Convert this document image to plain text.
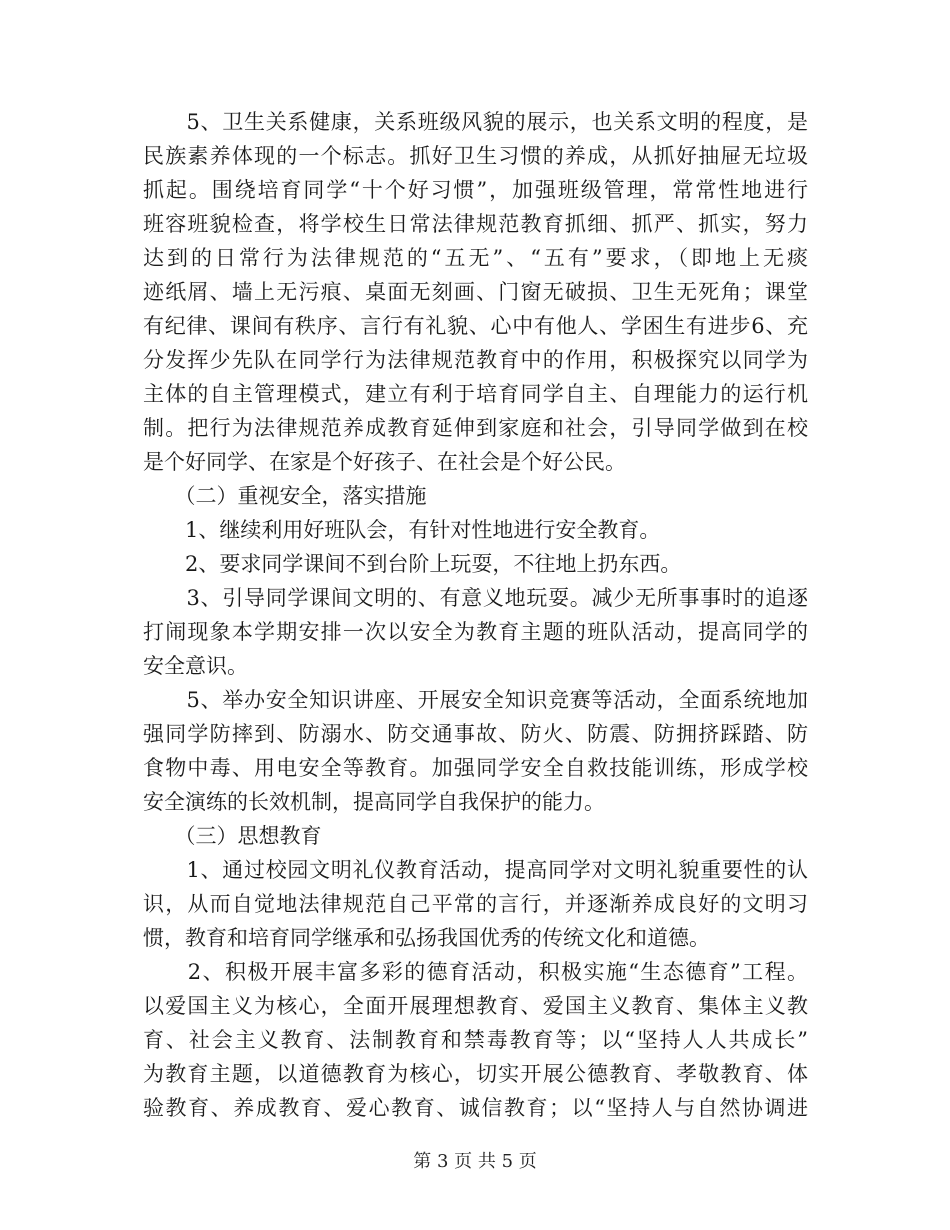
　　5、卫生关系健康，关系班级风貌的展示，也关系文明的程度，是
民族素养体现的一个标志。抓好卫生习惯的养成，从抓好抽屉无垃圾
抓起。围绕培育同学“十个好习惯”，加强班级管理，常常性地进行
班容班貌检查，将学校生日常法律规范教育抓细、抓严、抓实，努力
达到的日常行为法律规范的“五无”、“五有”要求，（即地上无痰
迹纸屑、墙上无污痕、桌面无刻画、门窗无破损、卫生无死角；课堂
有纪律、课间有秩序、言行有礼貌、心中有他人、学困生有进步6、充
分发挥少先队在同学行为法律规范教育中的作用，积极探究以同学为
主体的自主管理模式，建立有利于培育同学自主、自理能力的运行机
制。把行为法律规范养成教育延伸到家庭和社会，引导同学做到在校
是个好同学、在家是个好孩子、在社会是个好公民。
　　（二）重视安全，落实措施
　　1、继续利用好班队会，有针对性地进行安全教育。
　　2、要求同学课间不到台阶上玩耍，不往地上扔东西。
　　3、引导同学课间文明的、有意义地玩耍。减少无所事事时的追逐
打闹现象本学期安排一次以安全为教育主题的班队活动，提高同学的
安全意识。
　　5、举办安全知识讲座、开展安全知识竞赛等活动，全面系统地加
强同学防摔到、防溺水、防交通事故、防火、防震、防拥挤踩踏、防
食物中毒、用电安全等教育。加强同学安全自救技能训练，形成学校
安全演练的长效机制，提高同学自我保护的能力。
　　（三）思想教育
　　1、通过校园文明礼仪教育活动，提高同学对文明礼貌重要性的认
识，从而自觉地法律规范自己平常的言行，并逐渐养成良好的文明习
惯，教育和培育同学继承和弘扬我国优秀的传统文化和道德。
　　2、积极开展丰富多彩的德育活动，积极实施“生态德育”工程。
以爱国主义为核心，全面开展理想教育、爱国主义教育、集体主义教
育、社会主义教育、法制教育和禁毒教育等；以“坚持人人共成长”
为教育主题，以道德教育为核心，切实开展公德教育、孝敬教育、体
验教育、养成教育、爱心教育、诚信教育；以“坚持人与自然协调进
第 3 页 共 5 页
